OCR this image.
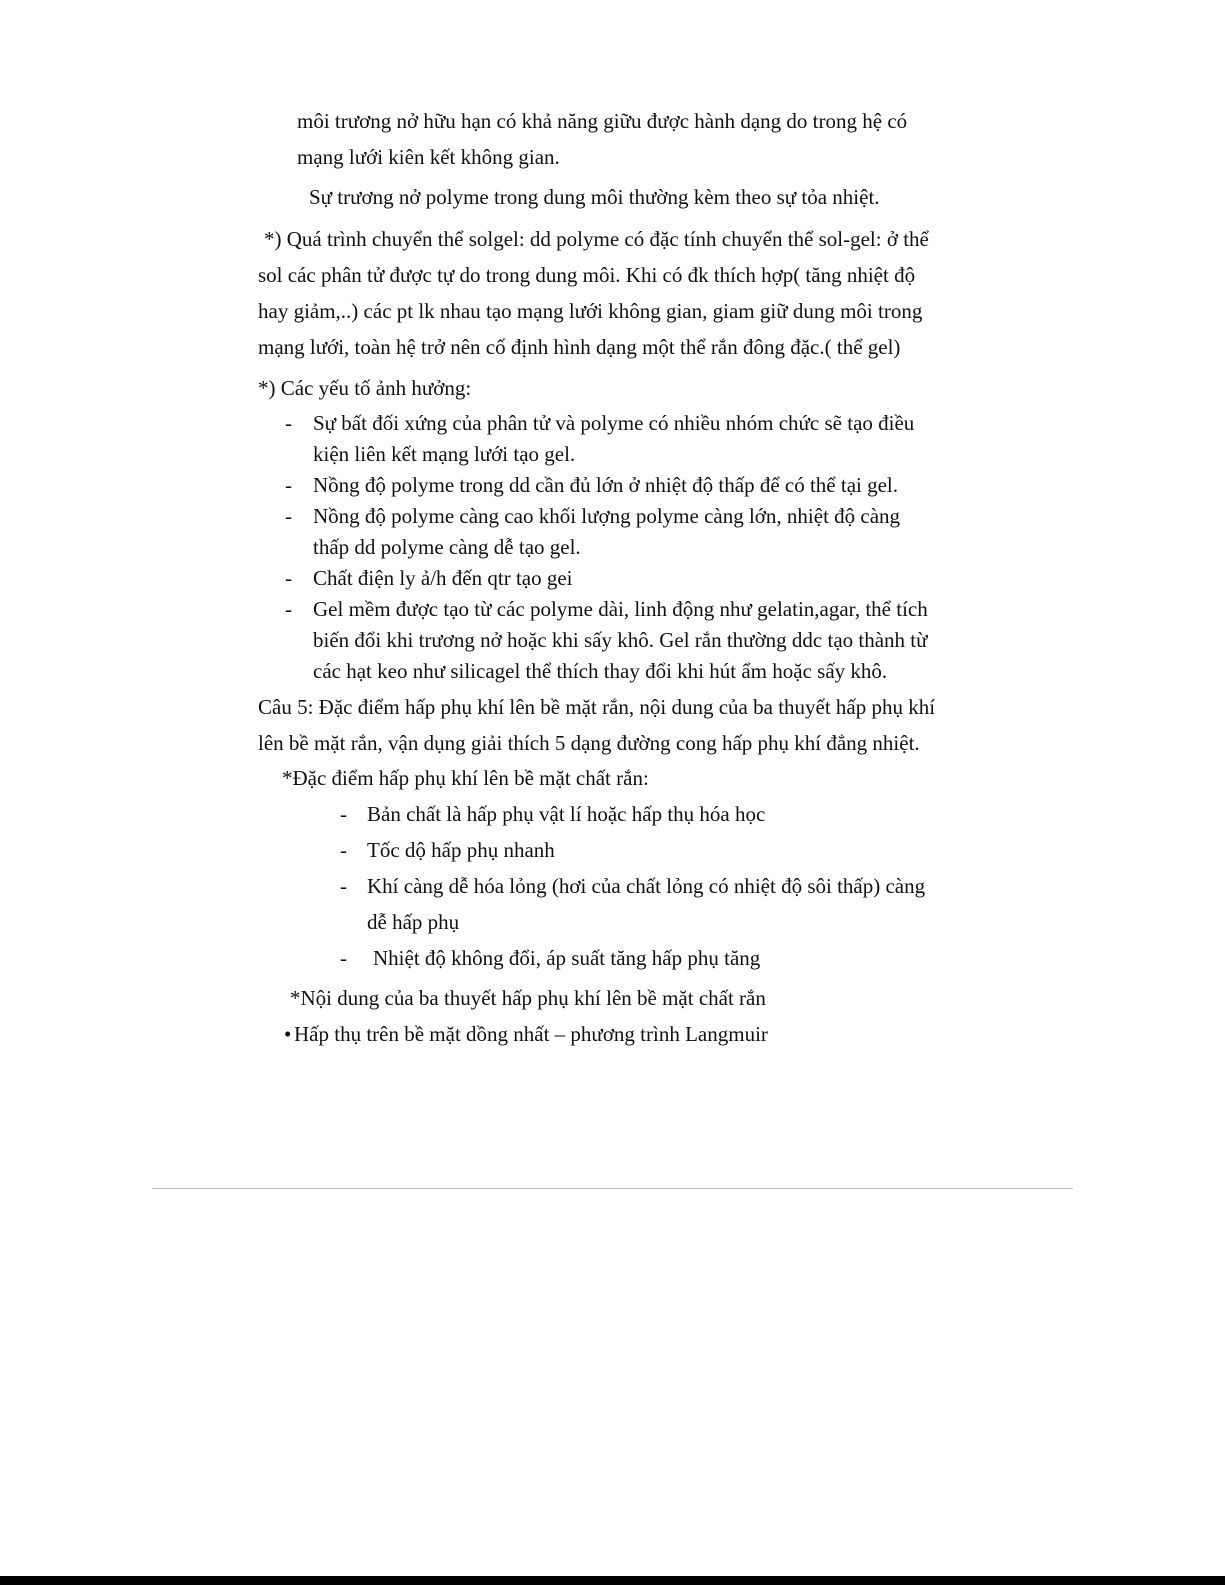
môi trương nở hữu hạn có khả năng giữu được hành dạng do trong hệ có
mạng lưới kiên kết không gian.
Sự trương nở polyme trong dung môi thường kèm theo sự tỏa nhiệt.
*) Quá trình chuyển thể solgel: dd polyme có đặc tính chuyển thể sol-gel: ở thể
sol các phân tử được tự do trong dung môi. Khi có đk thích hợp( tăng nhiệt độ
hay giảm,..) các pt lk nhau tạo mạng lưới không gian, giam giữ dung môi trong
mạng lưới, toàn hệ trở nên cố định hình dạng một thể rắn đông đặc.( thể gel)
*) Các yếu tố ảnh hưởng:
- Sự bất đối xứng của phân tử và polyme có nhiều nhóm chức sẽ tạo điều
kiện liên kết mạng lưới tạo gel.
- Nồng độ polyme trong dd cần đủ lớn ở nhiệt độ thấp để có thể tại gel.
- Nồng độ polyme càng cao khối lượng polyme càng lớn, nhiệt độ càng
thấp dd polyme càng dễ tạo gel.
- Chất điện ly ả/h đến qtr tạo gei
- Gel mềm được tạo từ các polyme dài, linh động như gelatin,agar, thể tích
biến đổi khi trương nở hoặc khi sấy khô. Gel rắn thường ddc tạo thành từ
các hạt keo như silicagel thể thích thay đổi khi hút ẩm hoặc sấy khô.
Câu 5: Đặc điểm hấp phụ khí lên bề mặt rắn, nội dung của ba thuyết hấp phụ khí
lên bề mặt rắn, vận dụng giải thích 5 dạng đường cong hấp phụ khí đẳng nhiệt.
*Đặc điểm hấp phụ khí lên bề mặt chất rắn:
- Bản chất là hấp phụ vật lí hoặc hấp thụ hóa học
- Tốc dộ hấp phụ nhanh
- Khí càng dễ hóa lỏng (hơi của chất lỏng có nhiệt độ sôi thấp) càng
dễ hấp phụ
- Nhiệt độ không đổi, áp suất tăng hấp phụ tăng
*Nội dung của ba thuyết hấp phụ khí lên bề mặt chất rắn
• Hấp thụ trên bề mặt dồng nhất – phương trình Langmuir
